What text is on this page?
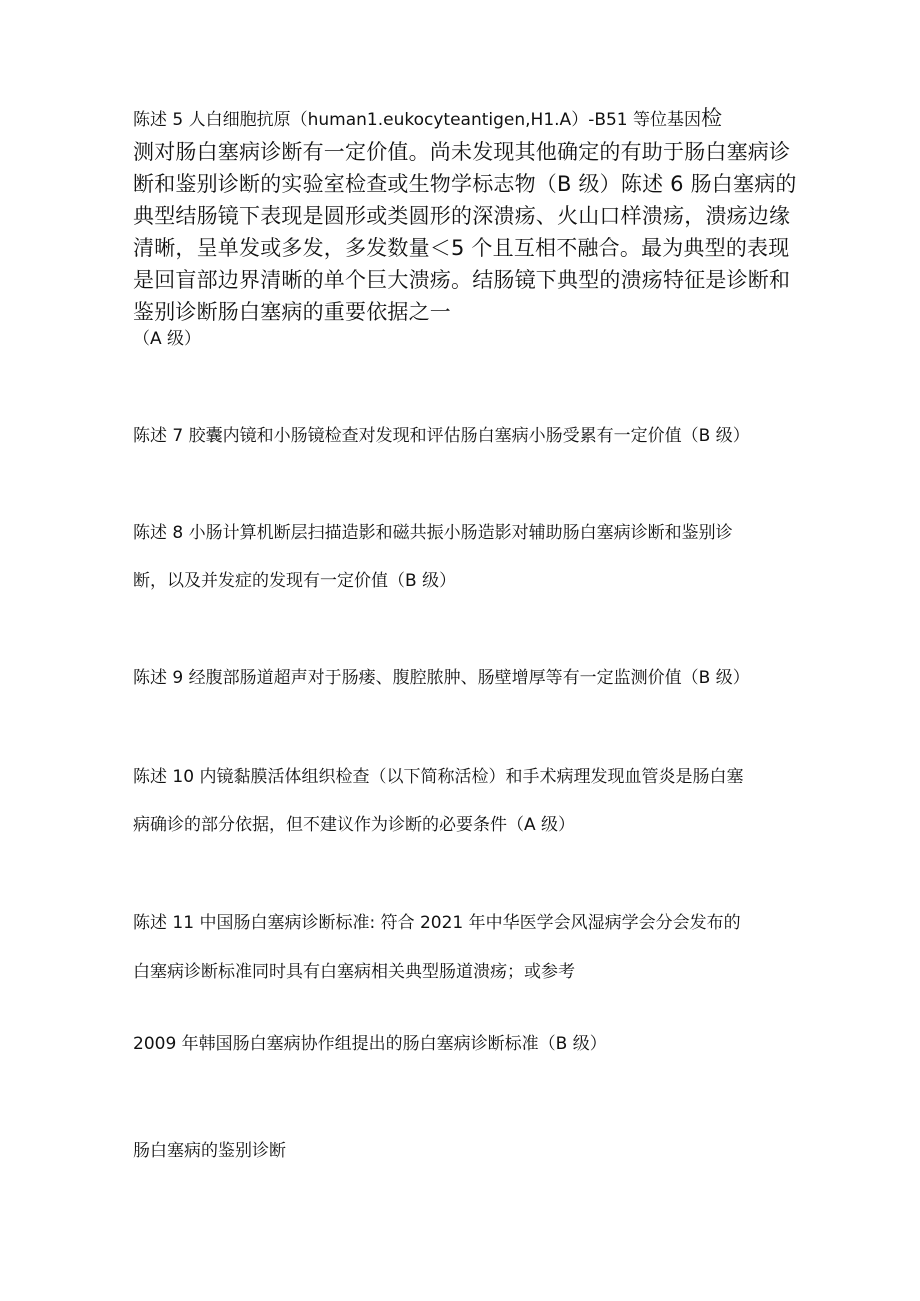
陈述 5 人白细胞抗原（human1.eukocyteantigen,H1.A）-B51 等位基因检

测对肠白塞病诊断有一定价值。尚未发现其他确定的有助于肠白塞病诊断和鉴别诊断的实验室检查或生物学标志物（B 级）陈述 6 肠白塞病的典型结肠镜下表现是圆形或类圆形的深溃疡、火山口样溃疡，溃疡边缘清晰，呈单发或多发，多发数量＜5 个且互相不融合。最为典型的表现是回盲部边界清晰的单个巨大溃疡。结肠镜下典型的溃疡特征是诊断和鉴别诊断肠白塞病的重要依据之一

（A 级）

陈述 7 胶囊内镜和小肠镜检查对发现和评估肠白塞病小肠受累有一定价值（B 级）

陈述 8 小肠计算机断层扫描造影和磁共振小肠造影对辅助肠白塞病诊断和鉴别诊

断，以及并发症的发现有一定价值（B 级）

陈述 9 经腹部肠道超声对于肠瘘、腹腔脓肿、肠壁增厚等有一定监测价值（B 级）

陈述 10 内镜黏膜活体组织检查（以下简称活检）和手术病理发现血管炎是肠白塞

病确诊的部分依据，但不建议作为诊断的必要条件（A 级）

陈述 11 中国肠白塞病诊断标准: 符合 2021 年中华医学会风湿病学会分会发布的

白塞病诊断标准同时具有白塞病相关典型肠道溃疡；或参考

2009 年韩国肠白塞病协作组提出的肠白塞病诊断标准（B 级）

肠白塞病的鉴别诊断
